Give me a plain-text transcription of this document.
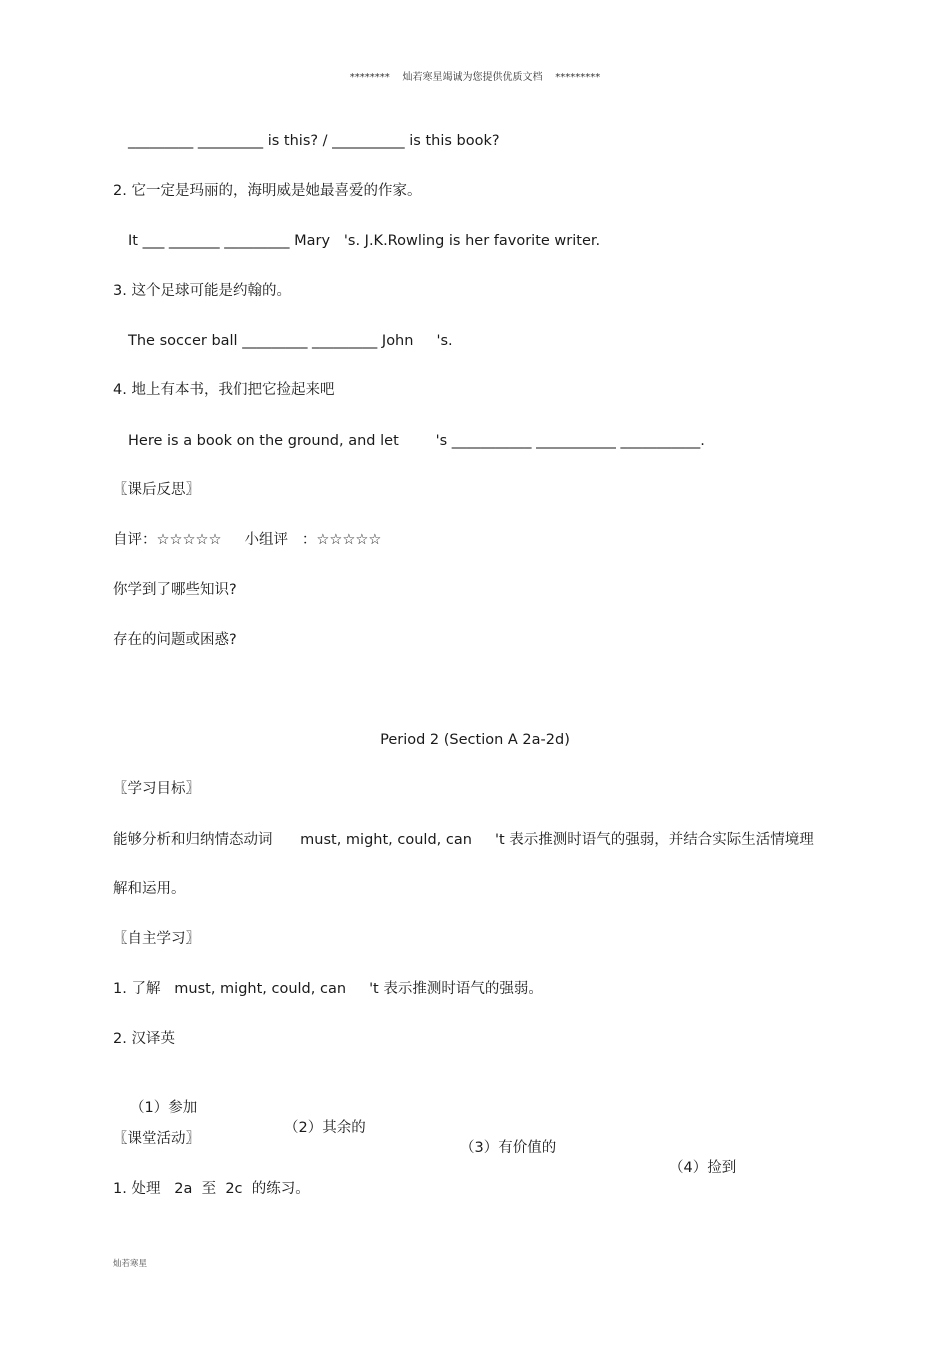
********    灿若寒星竭诚为您提供优质文档    *********
_________ _________ is this? / __________ is this book?
2. 它一定是玛丽的，海明威是她最喜爱的作家。
It ___ _______ _________ Mary   's. J.K.Rowling is her favorite writer.
3. 这个足球可能是约翰的。
The soccer ball _________ _________ John     's.
4. 地上有本书，我们把它捡起来吧
Here is a book on the ground, and let        's ___________ ___________ ___________.
〖课后反思〗
自评：☆☆☆☆☆     小组评   ：☆☆☆☆☆
你学到了哪些知识?
存在的问题或困惑?
Period 2 (Section A 2a-2d)
〖学习目标〗
能够分析和归纳情态动词      must, might, could, can     't 表示推测时语气的强弱，并结合实际生活情境理
解和运用。
〖自主学习〗
1. 了解   must, might, could, can     't 表示推测时语气的强弱。
2. 汉译英

（1）参加

（2）其余的

（3）有价值的

（4）捡到

〖课堂活动〗
1. 处理   2a  至  2c  的练习。
灿若寒星
